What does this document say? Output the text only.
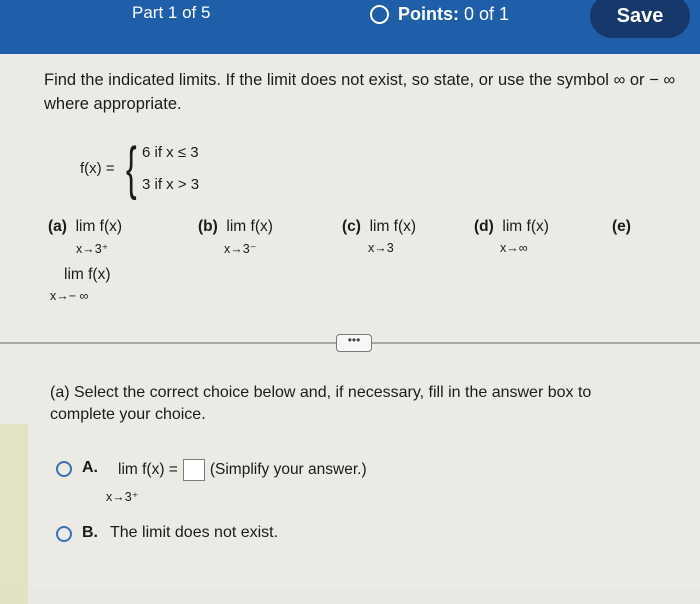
Part 1 of 5	Points: 0 of 1	Save
Find the indicated limits. If the limit does not exist, so state, or use the symbol ∞ or − ∞ where appropriate.
f(x) = { 6 if x ≤ 3
3 if x > 3
(a) lim f(x)
x→3⁺
(b) lim f(x)
x→3⁻
(c) lim f(x)
x→3
(d) lim f(x)
x→∞
(e)
lim f(x)
x→− ∞
•••
(a) Select the correct choice below and, if necessary, fill in the answer box to complete your choice.
A. lim f(x) = (Simplify your answer.)
x→3⁺
B. The limit does not exist.
